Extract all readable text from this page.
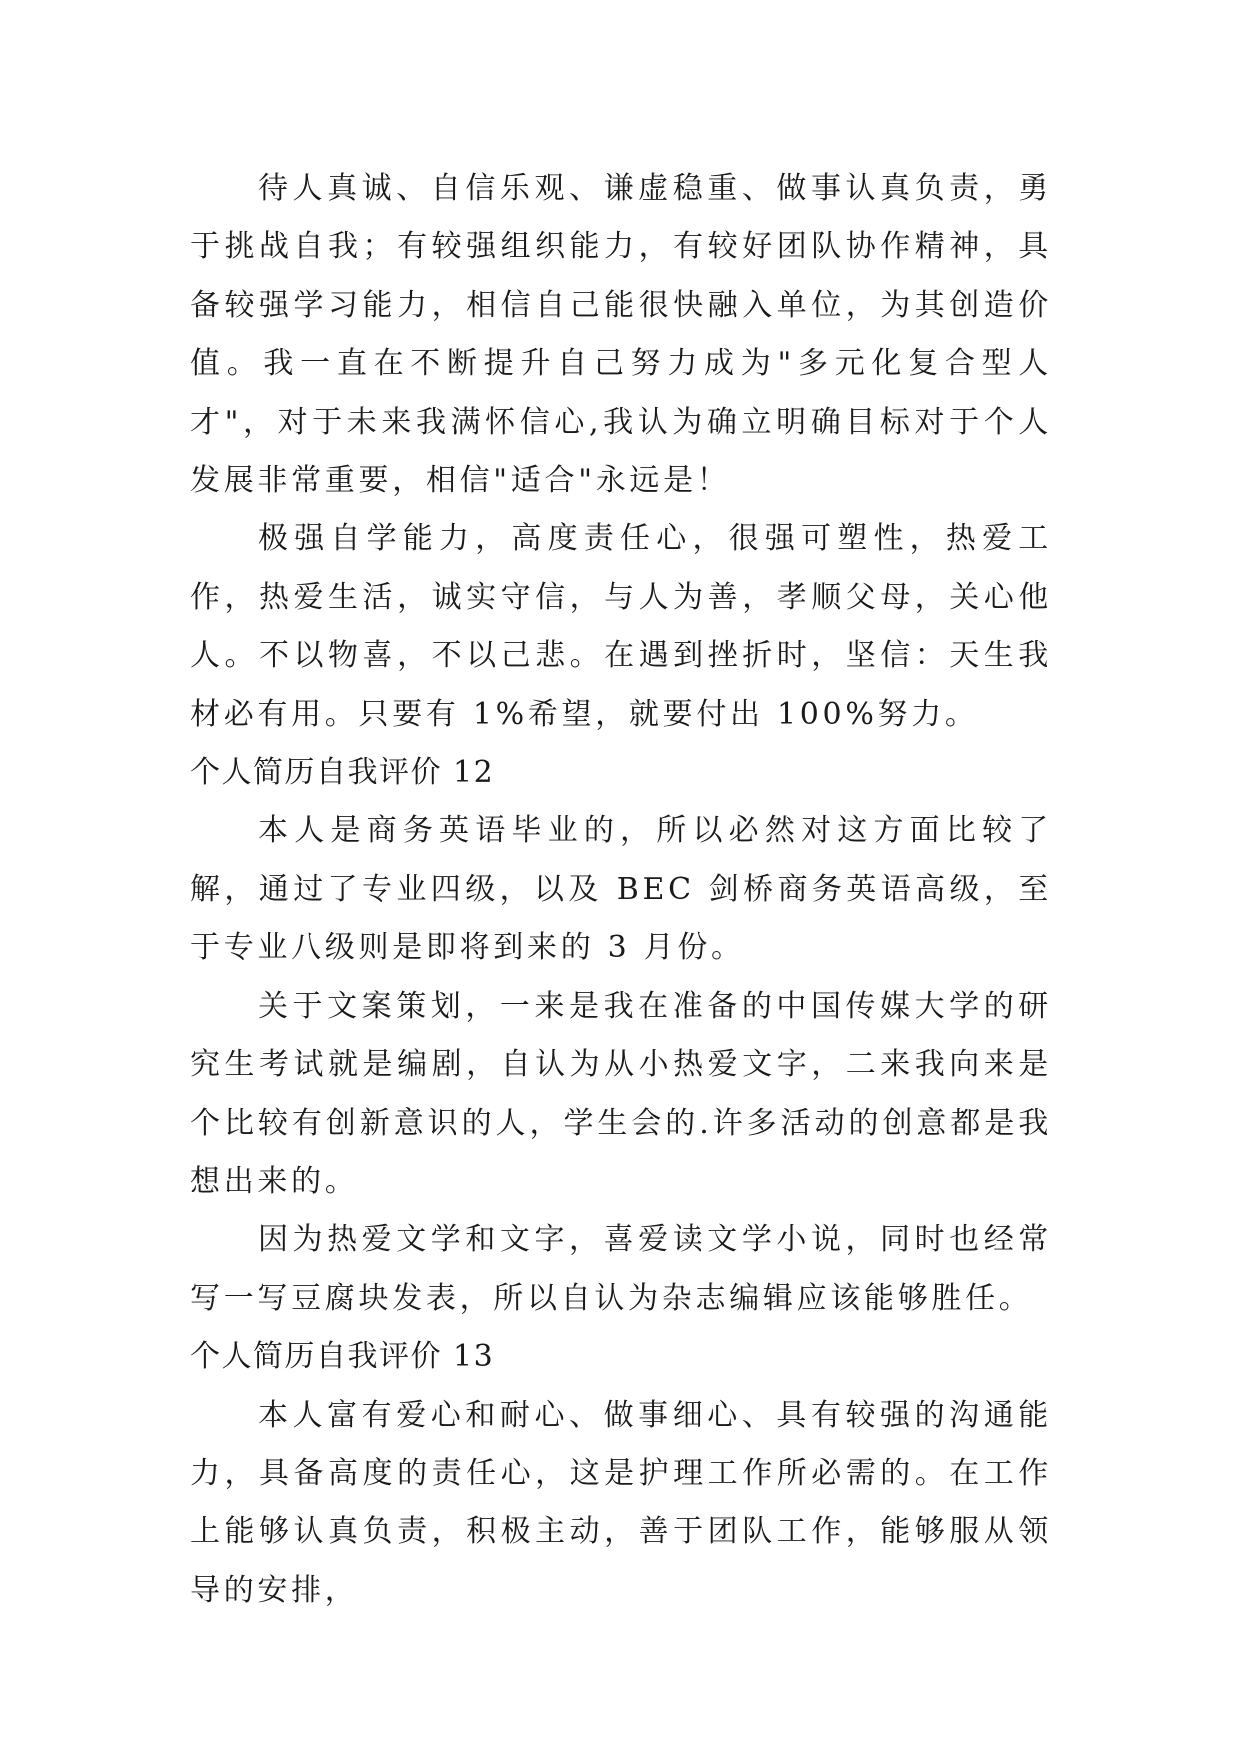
待人真诚、自信乐观、谦虚稳重、做事认真负责，勇于挑战自我；有较强组织能力，有较好团队协作精神，具备较强学习能力，相信自己能很快融入单位，为其创造价值。我一直在不断提升自己努力成为"多元化复合型人才"，对于未来我满怀信心,我认为确立明确目标对于个人发展非常重要，相信"适合"永远是！

极强自学能力，高度责任心，很强可塑性，热爱工作，热爱生活，诚实守信，与人为善，孝顺父母，关心他人。不以物喜，不以己悲。在遇到挫折时，坚信：天生我材必有用。只要有 1%希望，就要付出 100%努力。

个人简历自我评价 12

本人是商务英语毕业的，所以必然对这方面比较了解，通过了专业四级，以及 BEC 剑桥商务英语高级，至于专业八级则是即将到来的 3 月份。

关于文案策划，一来是我在准备的中国传媒大学的研究生考试就是编剧，自认为从小热爱文字，二来我向来是个比较有创新意识的人，学生会的.许多活动的创意都是我想出来的。

因为热爱文学和文字，喜爱读文学小说，同时也经常写一写豆腐块发表，所以自认为杂志编辑应该能够胜任。

个人简历自我评价 13

本人富有爱心和耐心、做事细心、具有较强的沟通能力，具备高度的责任心，这是护理工作所必需的。在工作上能够认真负责，积极主动，善于团队工作，能够服从领导的安排，
